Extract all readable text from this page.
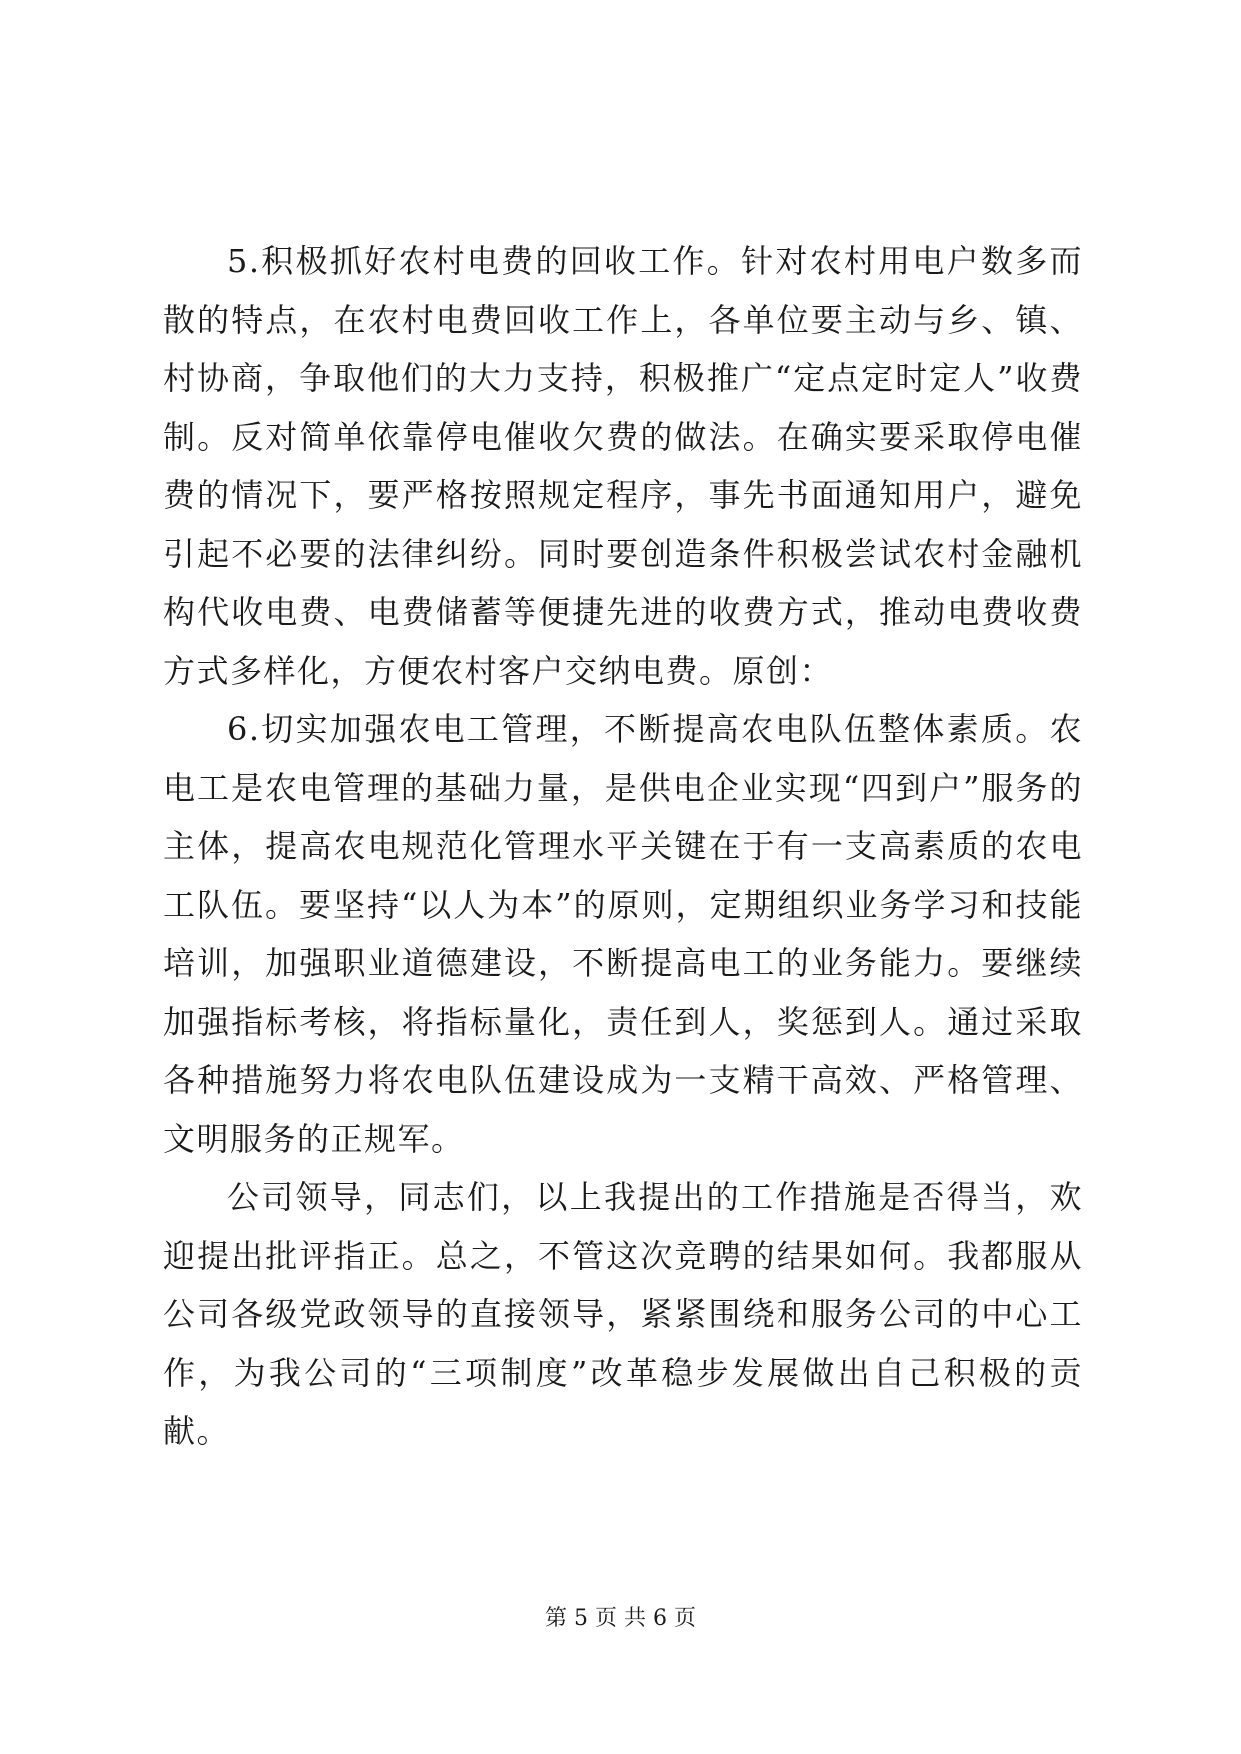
5.积极抓好农村电费的回收工作。针对农村用电户数多而散的特点，在农村电费回收工作上，各单位要主动与乡、镇、村协商，争取他们的大力支持，积极推广“定点定时定人”收费制。反对简单依靠停电催收欠费的做法。在确实要采取停电催费的情况下，要严格按照规定程序，事先书面通知用户，避免引起不必要的法律纠纷。同时要创造条件积极尝试农村金融机构代收电费、电费储蓄等便捷先进的收费方式，推动电费收费方式多样化，方便农村客户交纳电费。原创：

6.切实加强农电工管理，不断提高农电队伍整体素质。农电工是农电管理的基础力量，是供电企业实现“四到户”服务的主体，提高农电规范化管理水平关键在于有一支高素质的农电工队伍。要坚持“以人为本”的原则，定期组织业务学习和技能培训，加强职业道德建设，不断提高电工的业务能力。要继续加强指标考核，将指标量化，责任到人，奖惩到人。通过采取各种措施努力将农电队伍建设成为一支精干高效、严格管理、文明服务的正规军。

公司领导，同志们，以上我提出的工作措施是否得当，欢迎提出批评指正。总之，不管这次竞聘的结果如何。我都服从公司各级党政领导的直接领导，紧紧围绕和服务公司的中心工作，为我公司的“三项制度”改革稳步发展做出自己积极的贡献。

第 5 页 共 6 页
